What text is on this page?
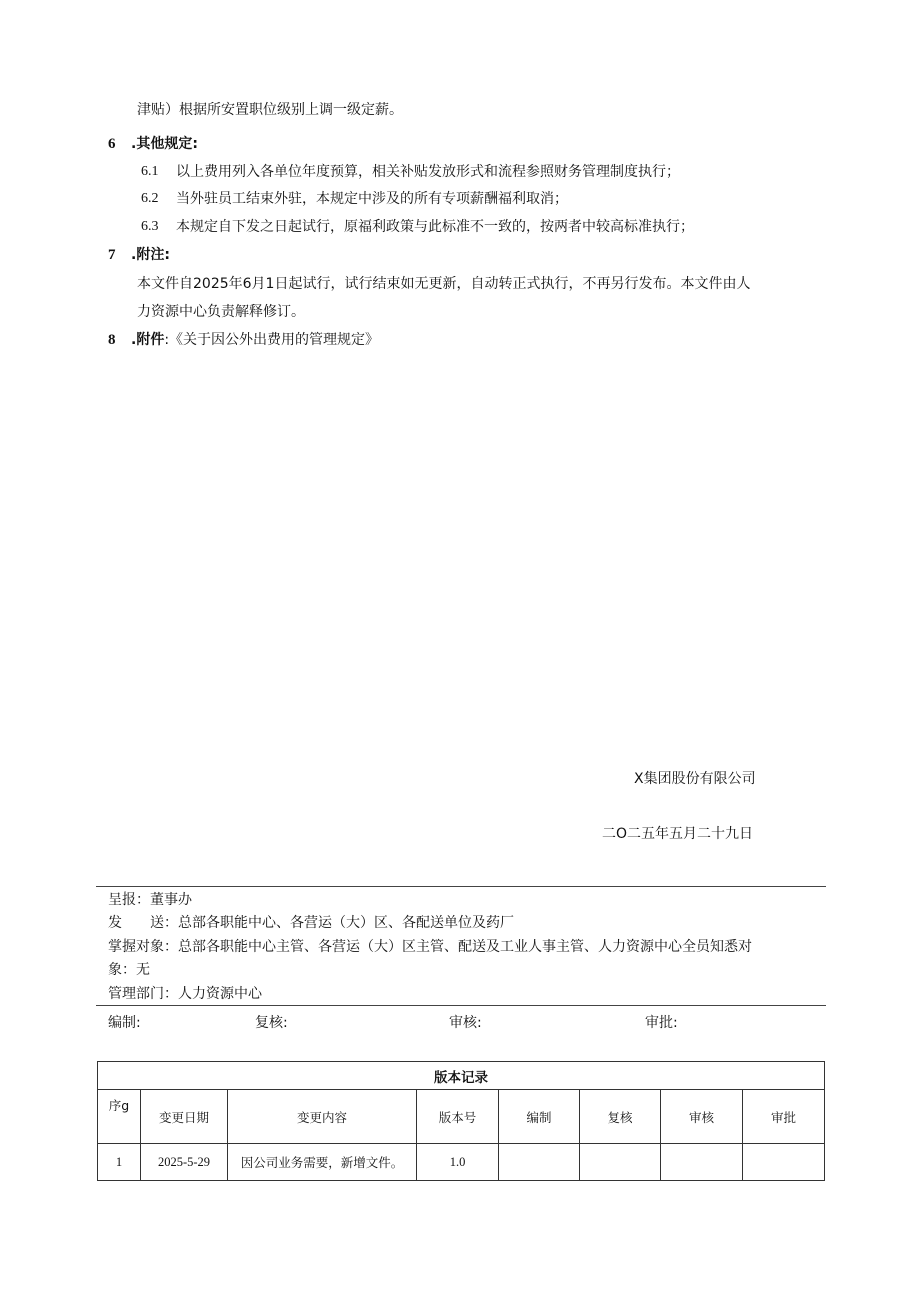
津贴）根据所安置职位级别上调一级定薪。
6 .其他规定:
6.1 以上费用列入各单位年度预算，相关补贴发放形式和流程参照财务管理制度执行；
6.2 当外驻员工结束外驻，本规定中涉及的所有专项薪酬福利取消；
6.3 本规定自下发之日起试行，原福利政策与此标准不一致的，按两者中较高标准执行；
7 .附注:
本文件自2025年6月1日起试行，试行结束如无更新，自动转正式执行，不再另行发布。本文件由人
力资源中心负责解释修订。
8 .附件:《关于因公外出费用的管理规定》
X集团股份有限公司
二O二五年五月二十九日
呈报：董事办
发　　送：总部各职能中心、各营运（大）区、各配送单位及药厂
掌握对象：总部各职能中心主管、各营运（大）区主管、配送及工业人事主管、人力资源中心全员知悉对
象：无
管理部门：人力资源中心
编制:	复核:	审核:	审批:
版本记录							
序g	变更日期	变更内容	版本号	编制	复核	审核	审批
1	2025-5-29	因公司业务需要，新增文件。	1.0				
